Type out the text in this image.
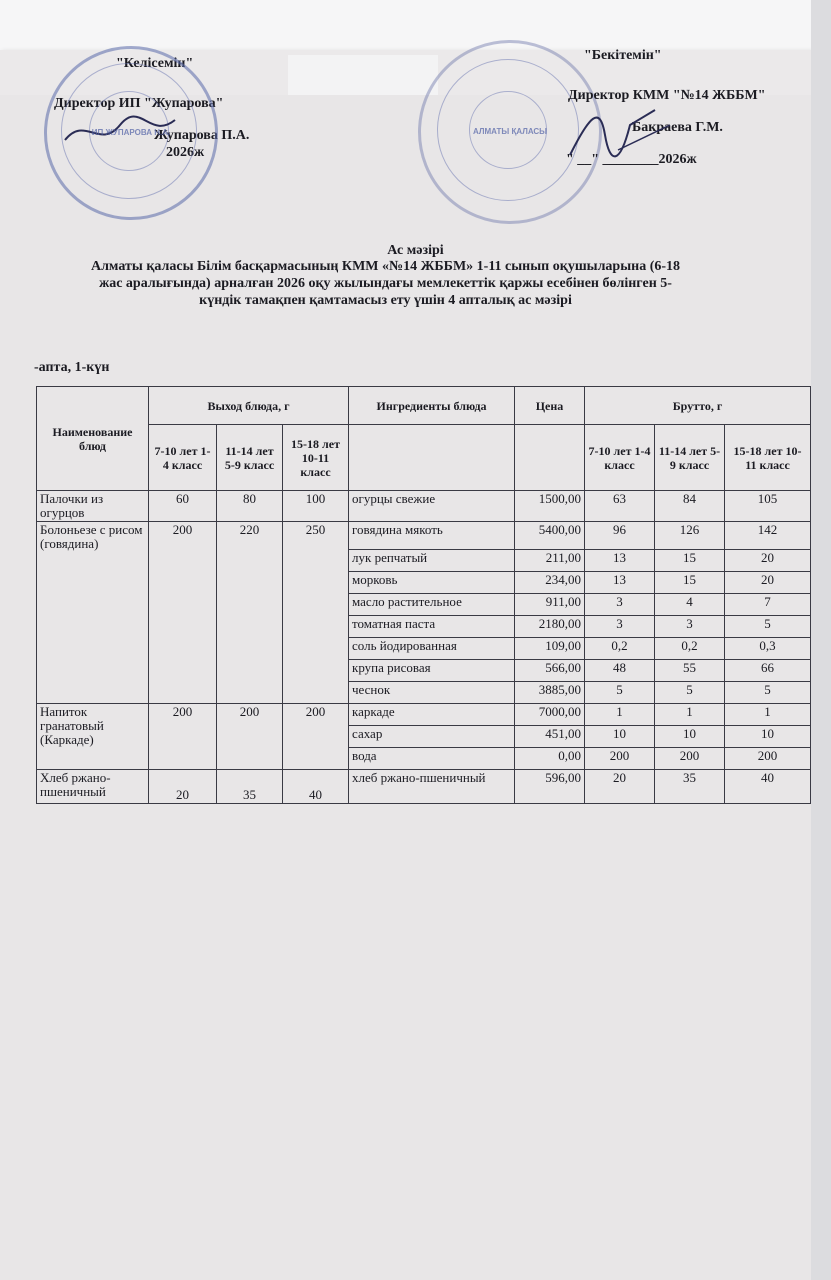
"Келісемін"
Директор ИП "Жупарова"
Жупарова П.А.
2026ж
ИП ЖУПАРОВА Н.А.	АЛМАТЫ ҚАЛАСЫ
"Бекітемін"
Директор КММ "№14 ЖББМ"
Бакраева Г.М.
" __" ________2026ж
Ас мәзірі
Алматы қаласы Білім басқармасының КММ «№14 ЖББМ» 1-11 сынып оқушыларына (6-18
жас аралығында) арналған 2026 оқу жылындағы мемлекеттік қаржы есебінен бөлінген 5-
күндік тамақпен қамтамасыз ету үшін 4 апталық ас мәзірі
-апта, 1-күн
Наименование блюд	Выход блюда, г			Ингредиенты блюда	Цена	Брутто, г		
	7-10 лет 1-4 класс	11-14 лет 5-9 класс	15-18 лет 10-11 класс			7-10 лет 1-4 класс	11-14 лет 5-9 класс	15-18 лет 10-11 класс
Палочки из огурцов	60	80	100	огурцы свежие	1500,00	63	84	105
Болоньезе с рисом (говядина)	200	220	250	говядина мякоть	5400,00	96	126	142
				лук репчатый	211,00	13	15	20
				морковь	234,00	13	15	20
				масло растительное	911,00	3	4	7
				томатная паста	2180,00	3	3	5
				соль йодированная	109,00	0,2	0,2	0,3
				крупа рисовая	566,00	48	55	66
				чеснок	3885,00	5	5	5
Напиток гранатовый (Каркаде)	200	200	200	каркаде	7000,00	1	1	1
				сахар	451,00	10	10	10
				вода	0,00	200	200	200
Хлеб ржано-пшеничный	20	35	40	хлеб ржано-пшеничный	596,00	20	35	40
